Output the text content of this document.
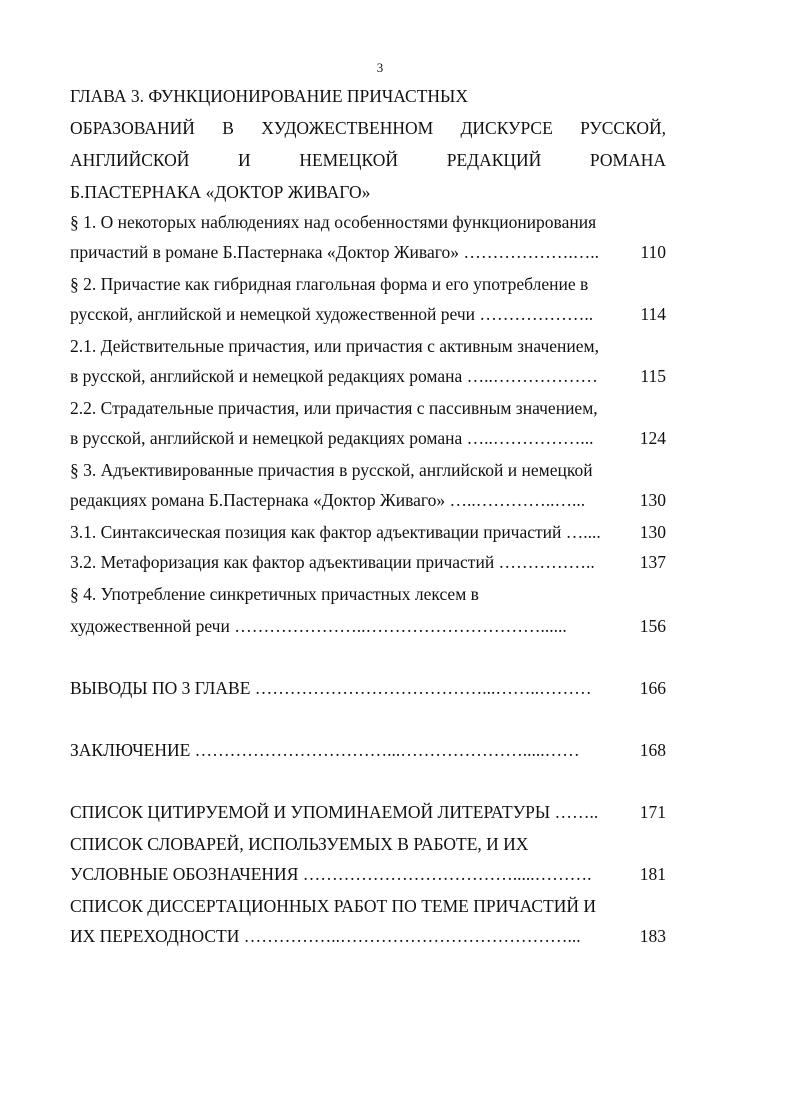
3
ГЛАВА 3. ФУНКЦИОНИРОВАНИЕ ПРИЧАСТНЫХ
ОБРАЗОВАНИЙ В ХУДОЖЕСТВЕННОМ ДИСКУРСЕ РУССКОЙ,
АНГЛИЙСКОЙ И НЕМЕЦКОЙ РЕДАКЦИЙ РОМАНА
Б.ПАСТЕРНАКА «ДОКТОР ЖИВАГО»
§ 1. О некоторых наблюдениях над особенностями функционирования
причастий в романе Б.Пастернака «Доктор Живаго» ……………….…..	110
§ 2. Причастие как гибридная глагольная форма и его употребление в
русской, английской и немецкой художественной речи ………………..	114
2.1. Действительные причастия, или причастия с активным значением,
в русской, английской и немецкой редакциях романа …..………………	115
2.2. Страдательные причастия, или причастия с пассивным значением,
в русской, английской и немецкой редакциях романа …..……………...	124
§ 3. Адъективированные причастия в русской, английской и немецкой
редакциях романа Б.Пастернака «Доктор Живаго» …..…………..…...	130
3.1. Синтаксическая позиция как фактор адъективации причастий …....	130
3.2. Метафоризация как фактор адъективации причастий ……………..	137
§ 4. Употребление синкретичных причастных лексем в
художественной речи …………………..…………………………......	156
ВЫВОДЫ ПО 3 ГЛАВЕ …………………………………...……..………	166
ЗАКЛЮЧЕНИЕ ……………………………...………………….....……	168
СПИСОК ЦИТИРУЕМОЙ И УПОМИНАЕМОЙ ЛИТЕРАТУРЫ ……..	171
СПИСОК СЛОВАРЕЙ, ИСПОЛЬЗУЕМЫХ В РАБОТЕ, И ИХ
УСЛОВНЫЕ ОБОЗНАЧЕНИЯ ……………………………….....……….	181
СПИСОК ДИССЕРТАЦИОННЫХ РАБОТ ПО ТЕМЕ ПРИЧАСТИЙ И
ИХ ПЕРЕХОДНОСТИ ……………..…………………………………...	183
